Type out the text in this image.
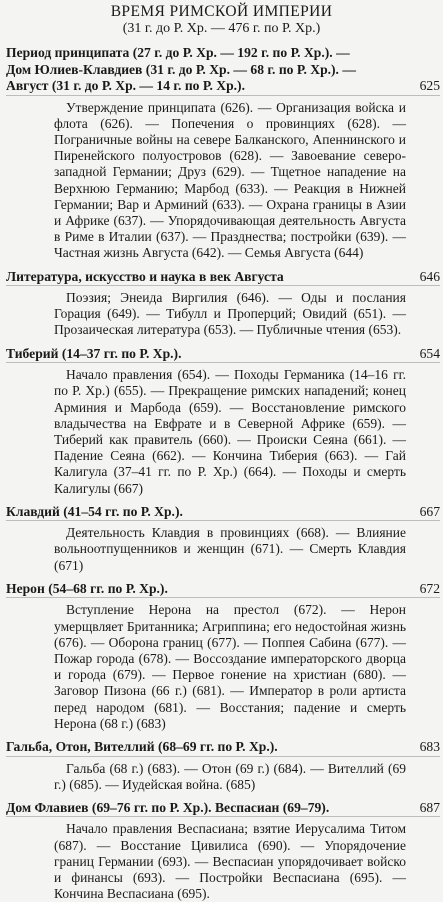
ВРЕМЯ РИМСКОЙ ИМПЕРИИ
(31 г. до Р. Хр. — 476 г. по Р. Хр.)
Период принципата (27 г. до Р. Хр. — 192 г. по Р. Хр.). —
Дом Юлиев-Клавдиев (31 г. до Р. Хр. — 68 г. по Р. Хр.). —
Август (31 г. до Р. Хр. — 14 г. по Р. Хр.).	625
Утверждение принципата (626). — Организация войска и флота (626). — Попечения о провинциях (628). — Пограничные войны на севере Балканского, Апеннинского и Пиренейского полуостровов (628). — Завоевание северо-западной Германии; Друз (629). — Тщетное нападение на Верхнюю Германию; Марбод (633). — Реакция в Нижней Германии; Вар и Арминий (633). — Охрана границы в Азии и Африке (637). — Упорядочивающая деятельность Августа в Риме в Италии (637). — Празднества; постройки (639). — Частная жизнь Августа (642). — Семья Августа (644)
Литература, искусство и наука в век Августа	646
Поэзия; Энеида Виргилия (646). — Оды и послания Горация (649). — Тибулл и Проперций; Овидий (651). — Прозаическая литература (653). — Публичные чтения (653).
Тиберий (14–37 гг. по Р. Хр.).	654
Начало правления (654). — Походы Германика (14–16 гг. по Р. Хр.) (655). — Прекращение римских нападений; конец Арминия и Марбода (659). — Восстановление римского владычества на Евфрате и в Северной Африке (659). — Тиберий как правитель (660). — Происки Сеяна (661). — Падение Сеяна (662). — Кончина Тиберия (663). — Гай Калигула (37–41 гг. по Р. Хр.) (664). — Походы и смерть Калигулы (667)
Клавдий (41–54 гг. по Р. Хр.).	667
Деятельность Клавдия в провинциях (668). — Влияние вольноотпущенников и женщин (671). — Смерть Клавдия (671)
Нерон (54–68 гг. по Р. Хр.).	672
Вступление Нерона на престол (672). — Нерон умерщвляет Британника; Агриппина; его недостойная жизнь (676). — Оборона границ (677). — Поппея Сабина (677). — Пожар города (678). — Воссоздание императорского дворца и города (679). — Первое гонение на христиан (680). — Заговор Пизона (66 г.) (681). — Император в роли артиста перед народом (681). — Восстания; падение и смерть Нерона (68 г.) (683)
Гальба, Отон, Вителлий (68–69 гг. по Р. Хр.).	683
Гальба (68 г.) (683). — Отон (69 г.) (684). — Вителлий (69 г.) (685). — Иудейская война. (685)
Дом Флавиев (69–76 гг. по Р. Хр.). Веспасиан (69–79).	687
Начало правления Веспасиана; взятие Иерусалима Титом (687). — Восстание Цивилиса (690). — Упорядочение границ Германии (693). — Веспасиан упорядочивает войско и финансы (693). — Постройки Веспасиана (695). — Кончина Веспасиана (695).
